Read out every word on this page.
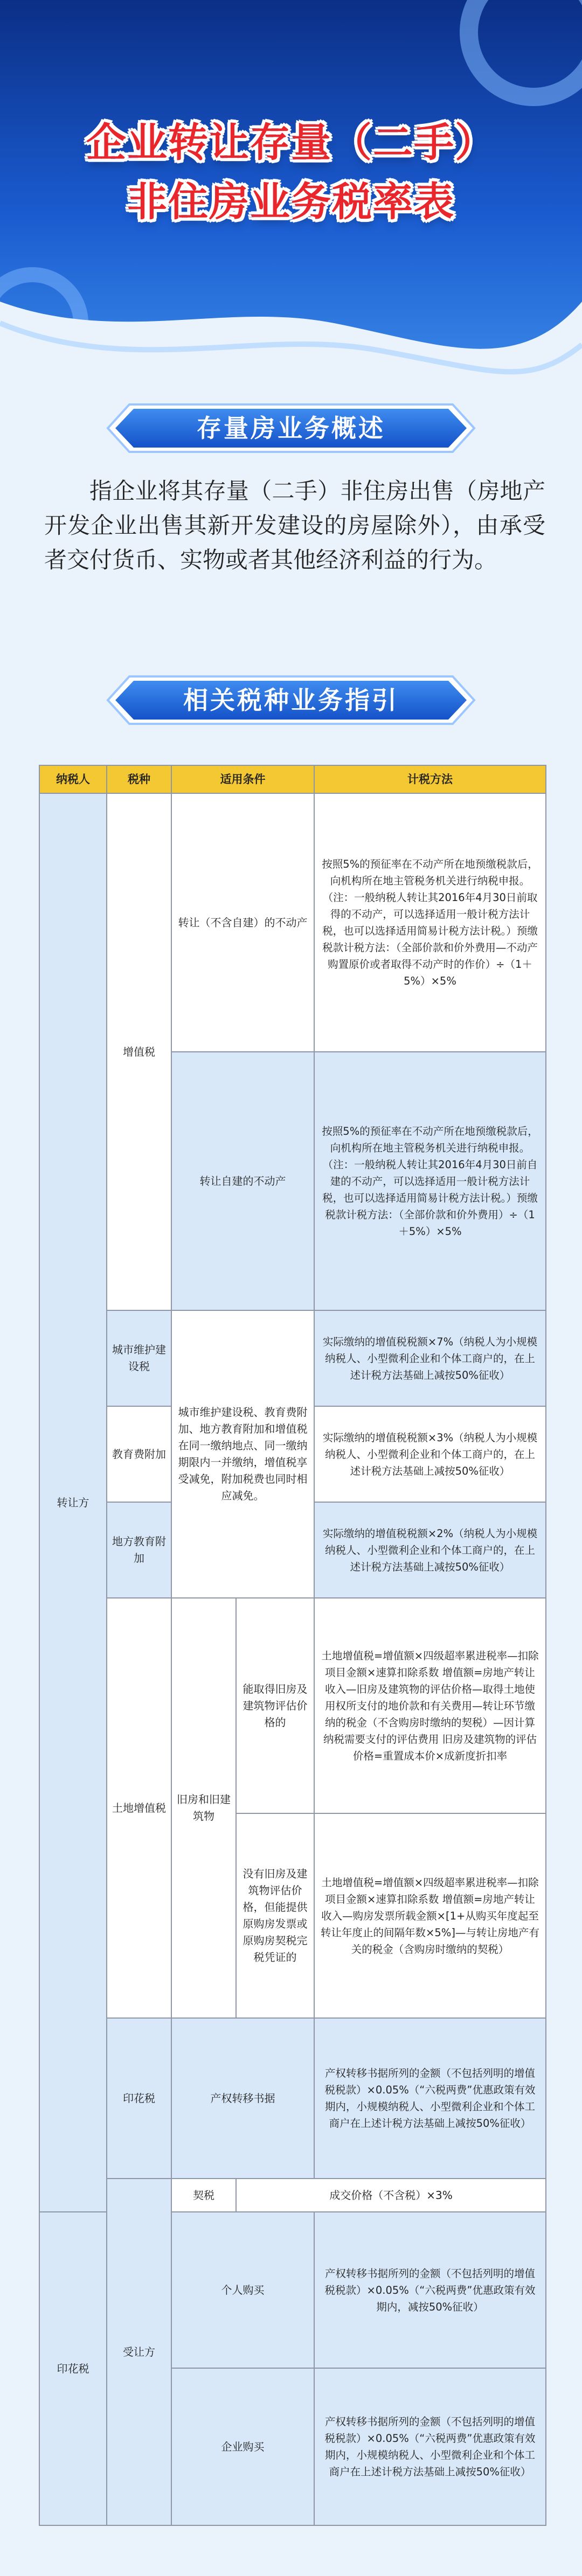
企业转让存量（二手）
非住房业务税率表
存量房业务概述
指企业将其存量（二手）非住房出售（房地产开发企业出售其新开发建设的房屋除外），由承受者交付货币、实物或者其他经济利益的行为。
相关税种业务指引
纳税人	税种	适用条件		计税方法
转让方	增值税	转让（不含自建）的不动产		按照5%的预征率在不动产所在地预缴税款后，向机构所在地主管税务机关进行纳税申报。（注：一般纳税人转让其2016年4月30日前取得的不动产，可以选择适用一般计税方法计税，也可以选择适用简易计税方法计税。）预缴税款计税方法：（全部价款和价外费用—不动产购置原价或者取得不动产时的作价）÷（1＋5%）×5%
		转让自建的不动产		按照5%的预征率在不动产所在地预缴税款后，向机构所在地主管税务机关进行纳税申报。（注：一般纳税人转让其2016年4月30日前自建的不动产，可以选择适用一般计税方法计税，也可以选择适用简易计税方法计税。）预缴税款计税方法：（全部价款和价外费用）÷（1＋5%）×5%
	城市维护建设税	城市维护建设税、教育费附加、地方教育附加和增值税在同一缴纳地点、同一缴纳期限内一并缴纳，增值税享受减免，附加税费也同时相应减免。		实际缴纳的增值税税额×7%（纳税人为小规模纳税人、小型微利企业和个体工商户的，在上述计税方法基础上减按50%征收）
	教育费附加			实际缴纳的增值税税额×3%（纳税人为小规模纳税人、小型微利企业和个体工商户的，在上述计税方法基础上减按50%征收）
	地方教育附加			实际缴纳的增值税税额×2%（纳税人为小规模纳税人、小型微利企业和个体工商户的，在上述计税方法基础上减按50%征收）
	土地增值税	旧房和旧建筑物	能取得旧房及建筑物评估价格的	土地增值税=增值额×四级超率累进税率—扣除项目金额×速算扣除系数 增值额=房地产转让收入—旧房及建筑物的评估价格—取得土地使用权所支付的地价款和有关费用—转让环节缴纳的税金（不含购房时缴纳的契税）—因计算纳税需要支付的评估费用 旧房及建筑物的评估价格=重置成本价×成新度折扣率
			没有旧房及建筑物评估价格，但能提供原购房发票或原购房契税完税凭证的	土地增值税=增值额×四级超率累进税率—扣除项目金额×速算扣除系数 增值额=房地产转让收入—购房发票所载金额×[1+从购买年度起至转让年度止的间隔年数×5%]—与转让房地产有关的税金（含购房时缴纳的契税）
	印花税	产权转移书据		产权转移书据所列的金额（不包括列明的增值税税款）×0.05%（“六税两费”优惠政策有效期内，小规模纳税人、小型微利企业和个体工商户在上述计税方法基础上减按50%征收）
	受让方	契税	成交价格（不含税）×3%	
印花税		个人购买		产权转移书据所列的金额（不包括列明的增值税税款）×0.05%（“六税两费”优惠政策有效期内，减按50%征收）
		企业购买		产权转移书据所列的金额（不包括列明的增值税税款）×0.05%（“六税两费”优惠政策有效期内，小规模纳税人、小型微利企业和个体工商户在上述计税方法基础上减按50%征收）
